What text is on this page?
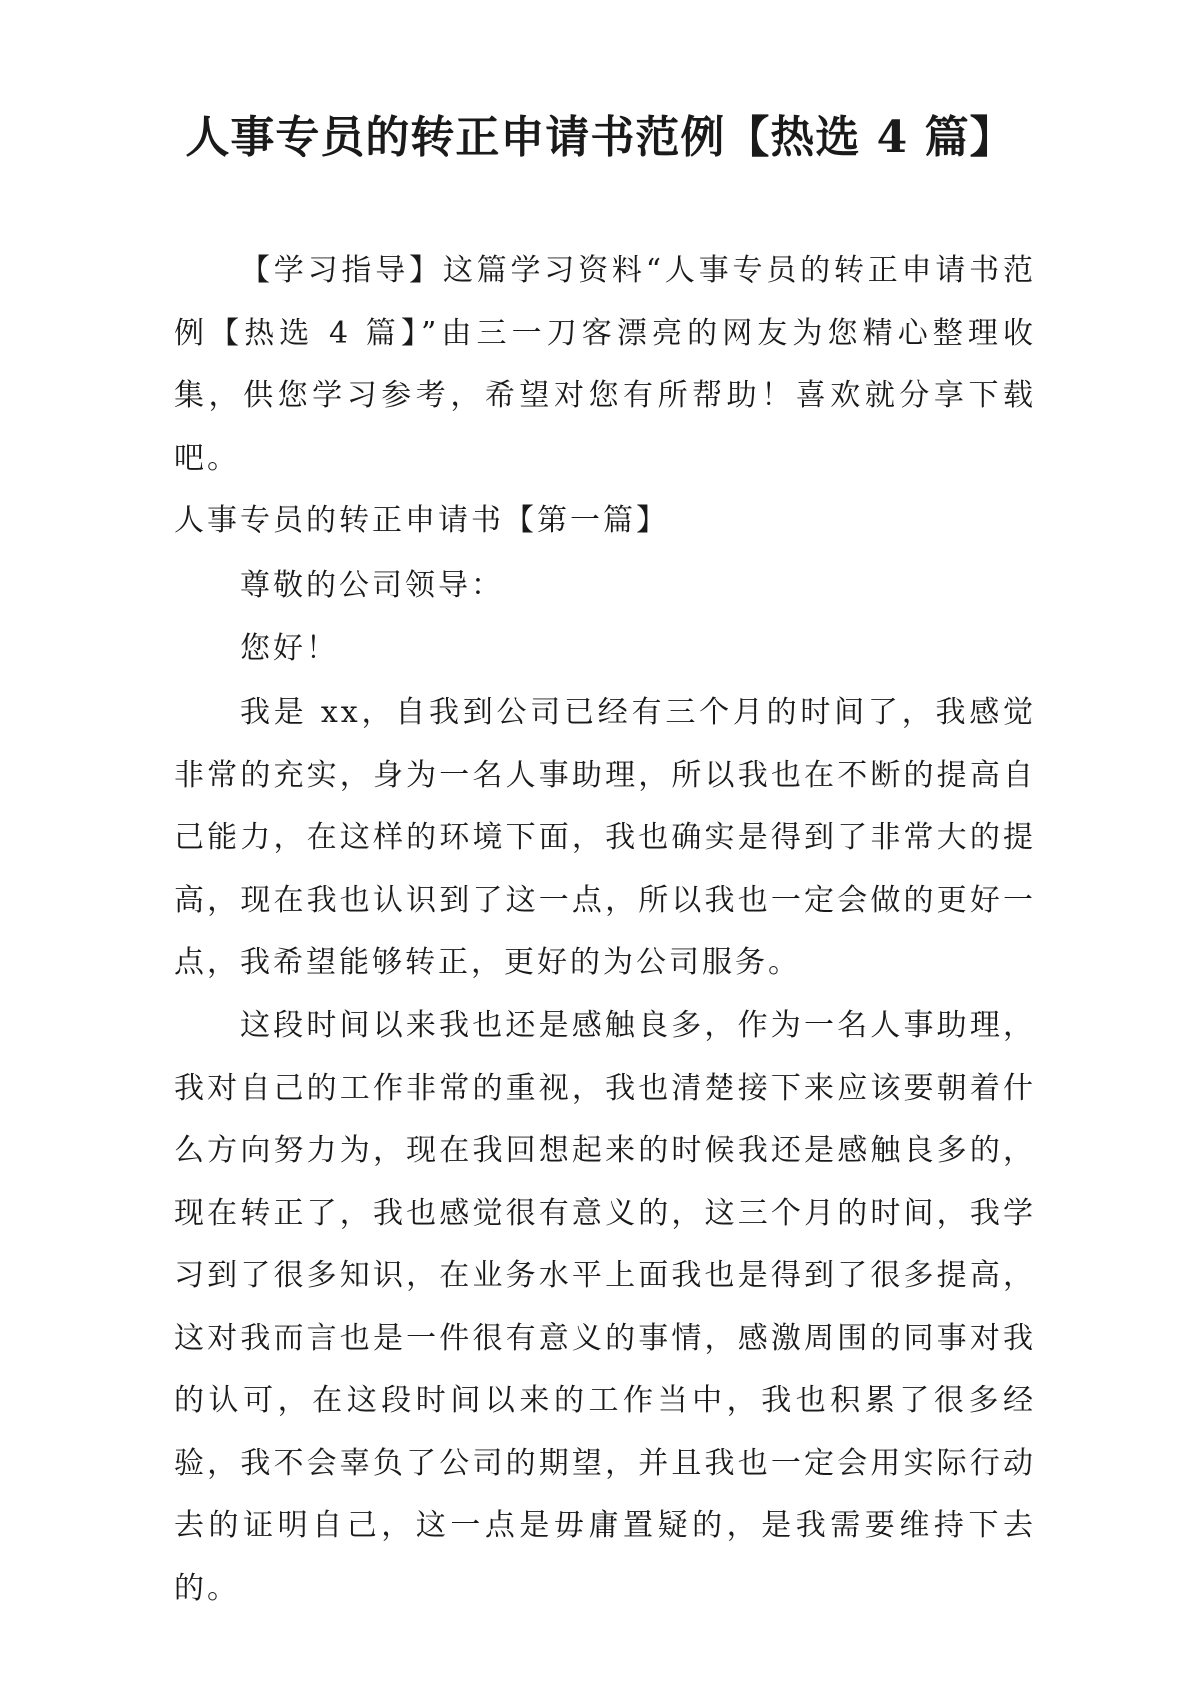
人事专员的转正申请书范例【热选 4 篇】

【学习指导】这篇学习资料“人事专员的转正申请书范例【热选 4 篇】”由三一刀客漂亮的网友为您精心整理收集，供您学习参考，希望对您有所帮助！喜欢就分享下载吧。

人事专员的转正申请书【第一篇】

尊敬的公司领导：

您好！

我是 xx，自我到公司已经有三个月的时间了，我感觉非常的充实，身为一名人事助理，所以我也在不断的提高自己能力，在这样的环境下面，我也确实是得到了非常大的提高，现在我也认识到了这一点，所以我也一定会做的更好一点，我希望能够转正，更好的为公司服务。

这段时间以来我也还是感触良多，作为一名人事助理，我对自己的工作非常的重视，我也清楚接下来应该要朝着什么方向努力为，现在我回想起来的时候我还是感触良多的，现在转正了，我也感觉很有意义的，这三个月的时间，我学习到了很多知识，在业务水平上面我也是得到了很多提高，这对我而言也是一件很有意义的事情，感激周围的同事对我的认可，在这段时间以来的工作当中，我也积累了很多经验，我不会辜负了公司的期望，并且我也一定会用实际行动去的证明自己，这一点是毋庸置疑的，是我需要维持下去的。
